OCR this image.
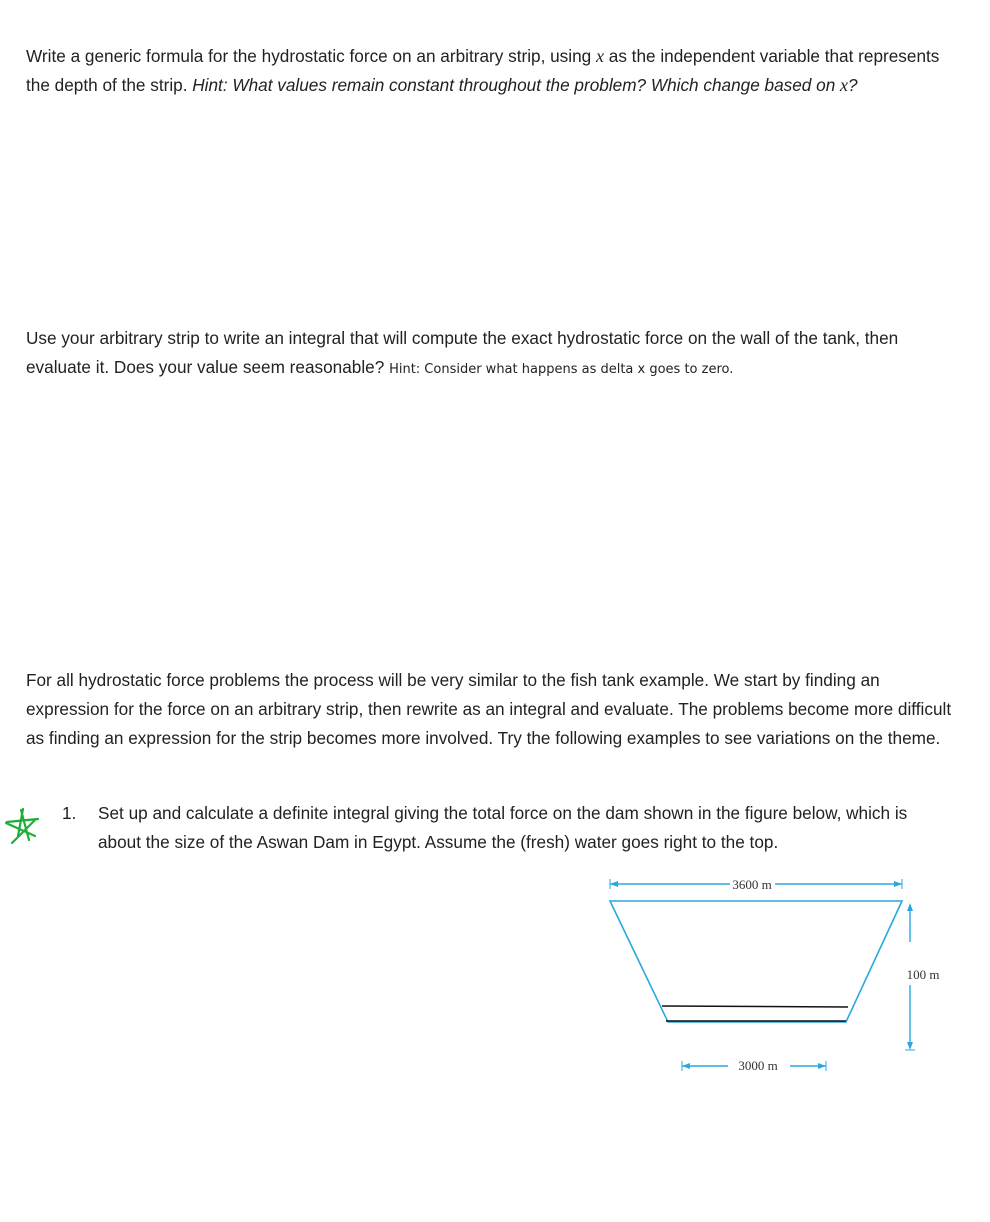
Write a generic formula for the hydrostatic force on an arbitrary strip, using x as the independent variable that represents the depth of the strip. Hint: What values remain constant throughout the problem? Which change based on x?
Use your arbitrary strip to write an integral that will compute the exact hydrostatic force on the wall of the tank, then evaluate it. Does your value seem reasonable? Hint: Consider what happens as delta x goes to zero.
For all hydrostatic force problems the process will be very similar to the fish tank example. We start by finding an expression for the force on an arbitrary strip, then rewrite as an integral and evaluate. The problems become more difficult as finding an expression for the strip becomes more involved. Try the following examples to see variations on the theme.
1. Set up and calculate a definite integral giving the total force on the dam shown in the figure below, which is about the size of the Aswan Dam in Egypt. Assume the (fresh) water goes right to the top.
3600 m
100 m
3000 m
